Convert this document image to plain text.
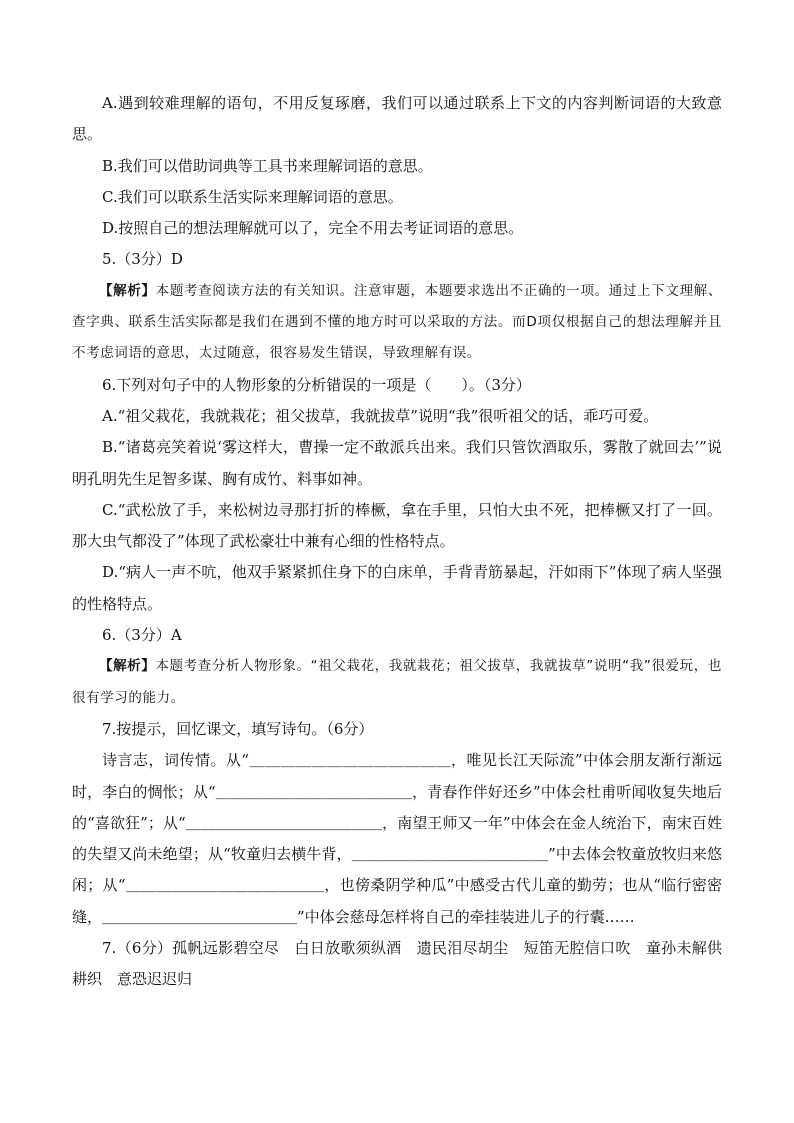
A.遇到较难理解的语句，不用反复琢磨，我们可以通过联系上下文的内容判断词语的大致意思。

B.我们可以借助词典等工具书来理解词语的意思。

C.我们可以联系生活实际来理解词语的意思。

D.按照自己的想法理解就可以了，完全不用去考证词语的意思。

5.（3分）D

【解析】本题考查阅读方法的有关知识。注意审题，本题要求选出不正确的一项。通过上下文理解、查字典、联系生活实际都是我们在遇到不懂的地方时可以采取的方法。而D项仅根据自己的想法理解并且不考虑词语的意思，太过随意，很容易发生错误，导致理解有误。

6.下列对句子中的人物形象的分析错误的一项是（　　）。（3分）

A.“祖父栽花，我就栽花；祖父拔草，我就拔草”说明“我”很听祖父的话，乖巧可爱。

B.“诸葛亮笑着说‘雾这样大，曹操一定不敢派兵出来。我们只管饮酒取乐，雾散了就回去’”说明孔明先生足智多谋、胸有成竹、料事如神。

C.“武松放了手，来松树边寻那打折的棒橛，拿在手里，只怕大虫不死，把棒橛又打了一回。那大虫气都没了”体现了武松豪壮中兼有心细的性格特点。

D.“病人一声不吭，他双手紧紧抓住身下的白床单，手背青筋暴起，汗如雨下”体现了病人坚强的性格特点。

6.（3分）A

【解析】本题考查分析人物形象。“祖父栽花，我就栽花；祖父拔草，我就拔草”说明“我”很爱玩，也很有学习的能力。

7.按提示，回忆课文，填写诗句。（6分）

诗言志，词传情。从“＿＿＿＿＿＿＿＿＿＿＿＿＿，唯见长江天际流”中体会朋友渐行渐远时，李白的惆怅；从“＿＿＿＿＿＿＿＿＿＿＿＿＿，青春作伴好还乡”中体会杜甫听闻收复失地后的“喜欲狂”；从“＿＿＿＿＿＿＿＿＿＿＿＿＿，南望王师又一年”中体会在金人统治下，南宋百姓的失望又尚未绝望；从“牧童归去横牛背，＿＿＿＿＿＿＿＿＿＿＿＿＿”中去体会牧童放牧归来悠闲；从“＿＿＿＿＿＿＿＿＿＿＿＿＿，也傍桑阴学种瓜”中感受古代儿童的勤劳；也从“临行密密缝，＿＿＿＿＿＿＿＿＿＿＿＿＿”中体会慈母怎样将自己的牵挂装进儿子的行囊……

7.（6分）孤帆远影碧空尽　白日放歌须纵酒　遗民泪尽胡尘　短笛无腔信口吹　童孙未解供耕织　意恐迟迟归
